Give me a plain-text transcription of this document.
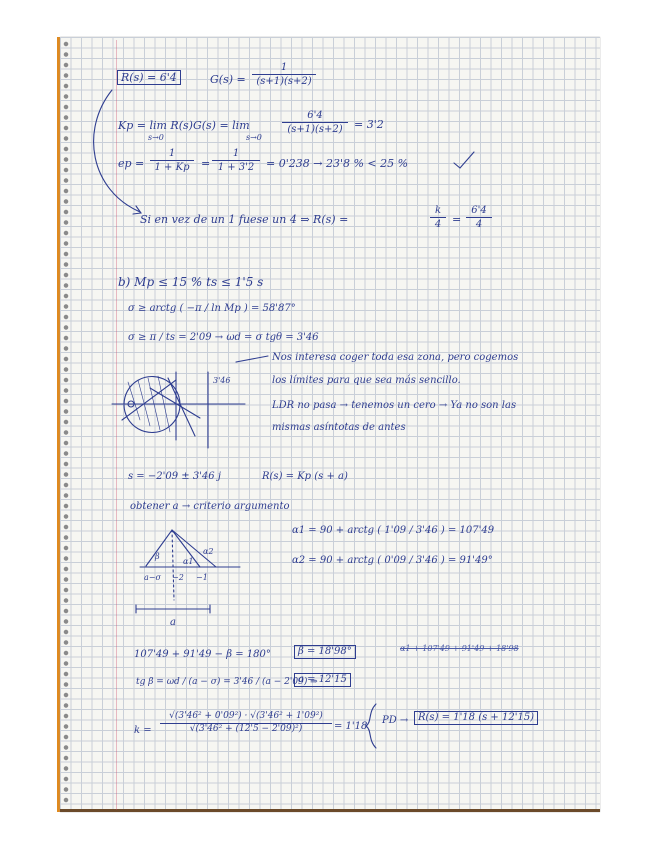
R(s) = 6'4	G(s) =
1
(s+1)(s+2)
Kp = lim R(s)G(s) = lim
s→0	s→0
6'4
(s+1)(s+2) = 3'2
ep =
1
1 + Kp =
1
1 + 3'2 = 0'238 → 23'8 % < 25 %
Si en vez de un 1 fuese un 4 ⇒ R(s) =
k
4 =
6'4
4
b) Mp ≤ 15 % ts ≤ 1'5 s
σ ≥ arctg ( −π / ln Mp ) = 58'87°
σ ≥ π / ts = 2'09 → ωd = σ tgθ = 3'46
Nos interesa coger toda esa zona, pero cogemos
los límites para que sea más sencillo.
3'46
LDR no pasa → tenemos un cero → Ya no son las
mismas asíntotas de antes
s = −2'09 ± 3'46 j	R(s) = Kp (s + a)
obtener a → criterio argumento
α1 = 90 + arctg ( 1'09 / 3'46 ) = 107'49
α2 = 90 + arctg ( 0'09 / 3'46 ) = 91'49°
β
α2
α1
a−σ −2 −1
a
107'49 + 91'49 − β = 180°	β = 18'98°
tg β = ωd / (a − σ) = 3'46 / (a − 2'09) ⇒
a = 12'15
α1 + 107'49 + 91'49 + 18'98
k =
√(3'46² + 0'09²) · √(3'46² + 1'09²)
√(3'46² + (12'5 − 2'09)²)	= 1'18
PD → R(s) = 1'18 (s + 12'15)
